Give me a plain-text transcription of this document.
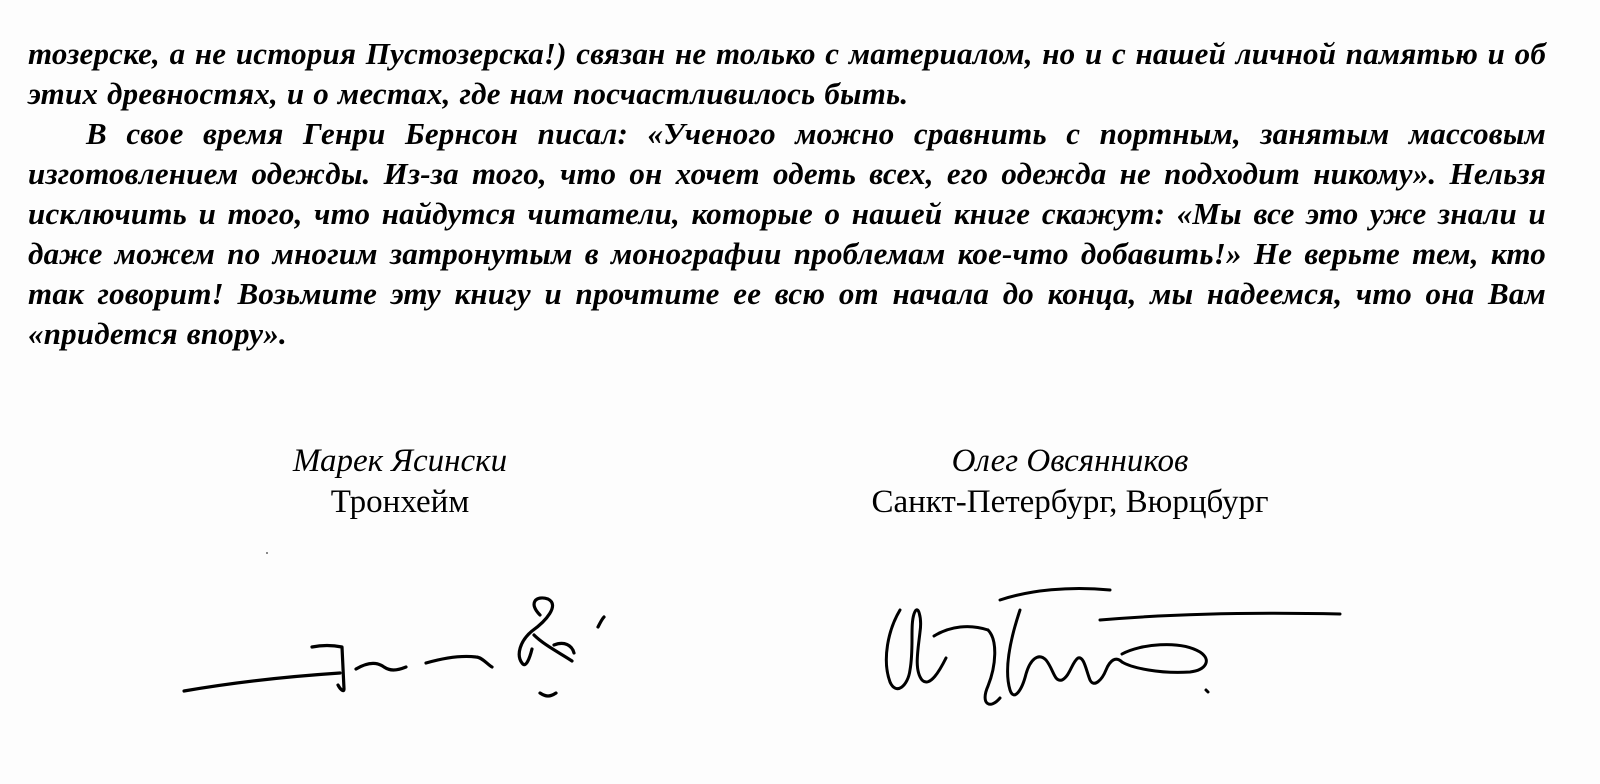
тозерске, а не история Пустозерска!) связан не только с материалом, но и с нашей личной памятью и об этих древностях, и о местах, где нам посчастливилось быть.

В свое время Генри Бернсон писал: «Ученого можно сравнить с портным, занятым массовым изготовлением одежды. Из-за того, что он хочет одеть всех, его одежда не подходит никому». Нельзя исключить и того, что найдутся читатели, которые о нашей книге скажут: «Мы все это уже знали и даже можем по многим затронутым в монографии проблемам кое-что добавить!» Не верьте тем, кто так говорит! Возьмите эту книгу и прочтите ее всю от начала до конца, мы надеемся, что она Вам «придется впору».

Марек Ясински
Тронхейм
Олег Овсянников
Санкт-Петербург, Вюрцбург
